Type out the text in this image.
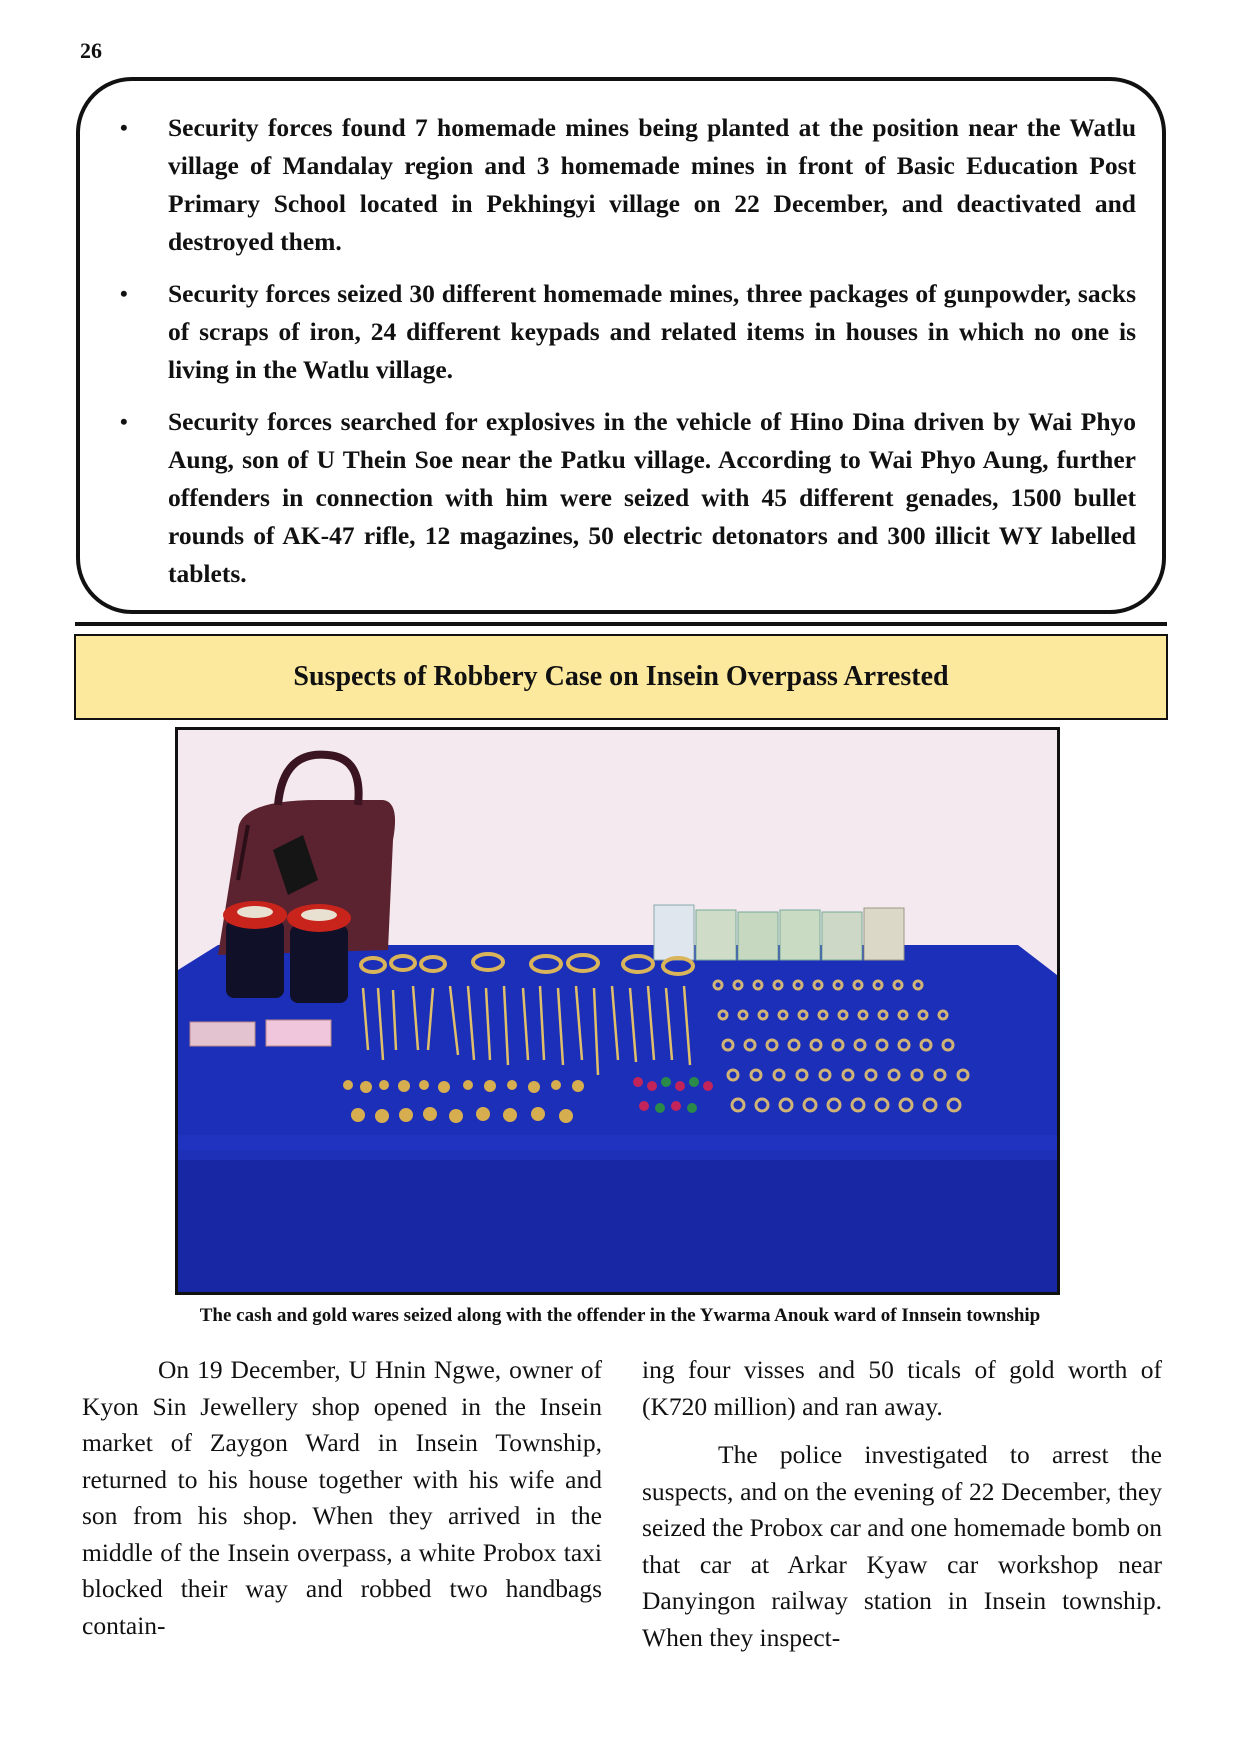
26
• Security forces found 7 homemade mines being planted at the position near the Watlu village of Mandalay region and 3 homemade mines in front of Basic Education Post Primary School located in Pekhingyi village on 22 December, and deactivated and destroyed them.
• Security forces seized 30 different homemade mines, three packages of gunpowder, sacks of scraps of iron, 24 different keypads and related items in houses in which no one is living in the Watlu village.
• Security forces searched for explosives in the vehicle of Hino Dina driven by Wai Phyo Aung, son of U Thein Soe near the Patku village. According to Wai Phyo Aung, further offenders in connection with him were seized with 45 different genades, 1500 bullet rounds of AK-47 rifle, 12 magazines, 50 electric detonators and 300 illicit WY labelled tablets.
Suspects of Robbery Case on Insein Overpass Arrested
The cash and gold wares seized along with the offender in the Ywarma Anouk ward of Innsein township

On 19 December, U Hnin Ngwe, owner of Kyon Sin Jewellery shop opened in the Insein market of Zaygon Ward in Insein Township, returned to his house together with his wife and son from his shop. When they arrived in the middle of the Insein overpass, a white Probox taxi blocked their way and robbed two handbags contain-

ing four visses and 50 ticals of gold worth of (K720 million) and ran away.

The police investigated to arrest the suspects, and on the evening of 22 December, they seized the Probox car and one homemade bomb on that car at Arkar Kyaw car workshop near Danyingon railway station in Insein township. When they inspect-
